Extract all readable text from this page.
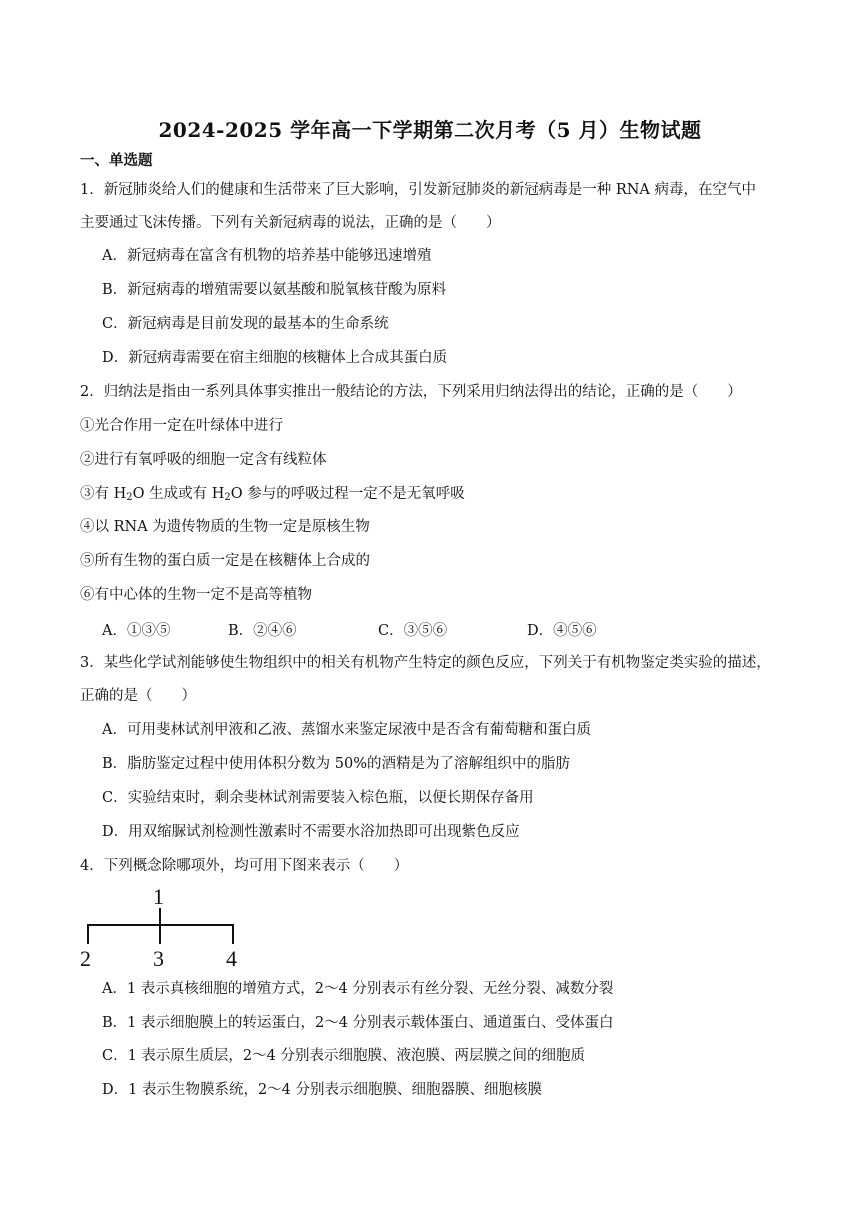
2024-2025 学年高一下学期第二次月考（5 月）生物试题
一、单选题
1．新冠肺炎给人们的健康和生活带来了巨大影响，引发新冠肺炎的新冠病毒是一种 RNA 病毒，在空气中
主要通过飞沫传播。下列有关新冠病毒的说法，正确的是（　　）
A．新冠病毒在富含有机物的培养基中能够迅速增殖
B．新冠病毒的增殖需要以氨基酸和脱氧核苷酸为原料
C．新冠病毒是目前发现的最基本的生命系统
D．新冠病毒需要在宿主细胞的核糖体上合成其蛋白质
2．归纳法是指由一系列具体事实推出一般结论的方法，下列采用归纳法得出的结论，正确的是（　　）
①光合作用一定在叶绿体中进行
②进行有氧呼吸的细胞一定含有线粒体
③有 $H_2O$ 生成或有 $H_2O$ 参与的呼吸过程一定不是无氧呼吸
④以 RNA 为遗传物质的生物一定是原核生物
⑤所有生物的蛋白质一定是在核糖体上合成的
⑥有中心体的生物一定不是高等植物
A．①③⑤	B．②④⑥	C．③⑤⑥	D．④⑤⑥
3．某些化学试剂能够使生物组织中的相关有机物产生特定的颜色反应，下列关于有机物鉴定类实验的描述，
正确的是（　　）
A．可用斐林试剂甲液和乙液、蒸馏水来鉴定尿液中是否含有葡萄糖和蛋白质
B．脂肪鉴定过程中使用体积分数为 50%的酒精是为了溶解组织中的脂肪
C．实验结束时，剩余斐林试剂需要装入棕色瓶，以便长期保存备用
D．用双缩脲试剂检测性激素时不需要水浴加热即可出现紫色反应
4．下列概念除哪项外，均可用下图来表示（　　）
1
2	3	4
A．1 表示真核细胞的增殖方式，2～4 分别表示有丝分裂、无丝分裂、减数分裂
B．1 表示细胞膜上的转运蛋白，2～4 分别表示载体蛋白、通道蛋白、受体蛋白
C．1 表示原生质层，2～4 分别表示细胞膜、液泡膜、两层膜之间的细胞质
D．1 表示生物膜系统，2～4 分别表示细胞膜、细胞器膜、细胞核膜
